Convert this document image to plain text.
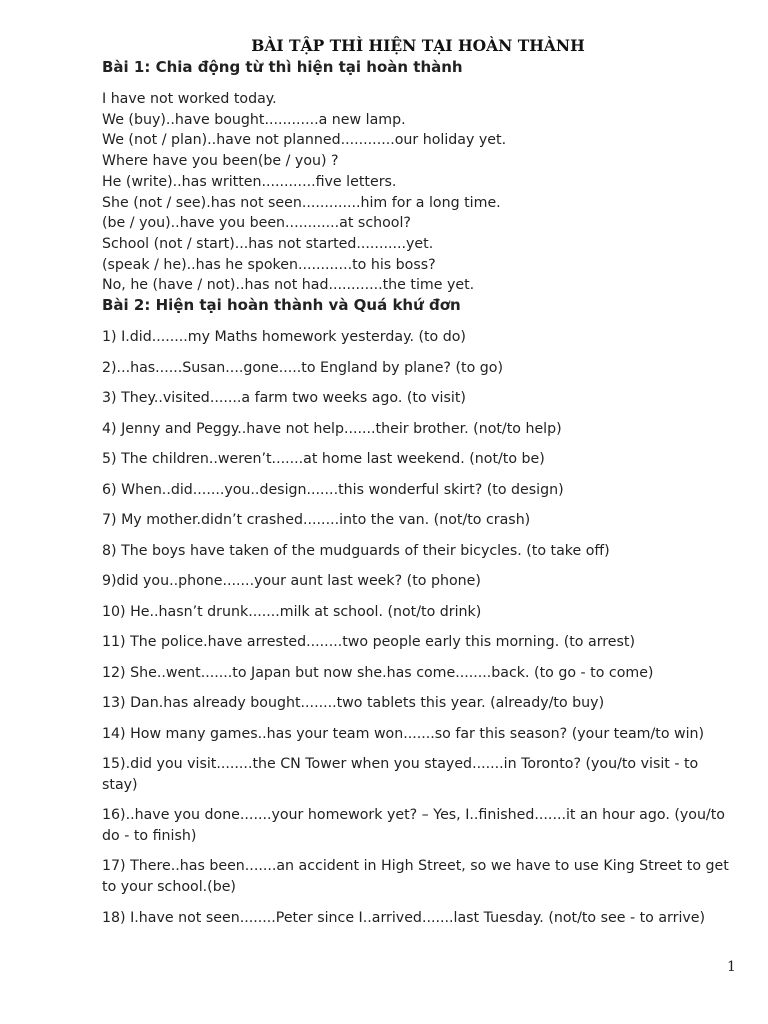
BÀI TẬP THÌ HIỆN TẠI HOÀN THÀNH
Bài 1: Chia động từ thì hiện tại hoàn thành
I have not worked today.
We (buy)..have bought............a new lamp.
We (not / plan)..have not planned............our holiday yet.
Where have you been(be / you) ?
He (write)..has written............five letters.
She (not / see).has not seen.............him for a long time.
(be / you)..have you been............at school?
School (not / start)...has not started...........yet.
(speak / he)..has he spoken............to his boss?
No, he (have / not)..has not had............the time yet.
Bài 2: Hiện tại hoàn thành và Quá khứ đơn
1) I.did........my Maths homework yesterday. (to do)
2)...has......Susan....gone.....to England by plane? (to go)
3) They..visited.......a farm two weeks ago. (to visit)
4) Jenny and Peggy..have not help.......their brother. (not/to help)
5) The children..weren’t.......at home last weekend. (not/to be)
6) When..did.......you..design.......this wonderful skirt? (to design)
7) My mother.didn’t crashed........into the van. (not/to crash)
8) The boys have taken of the mudguards of their bicycles. (to take off)
9)did you..phone.......your aunt last week? (to phone)
10) He..hasn’t drunk.......milk at school. (not/to drink)
11) The police.have arrested........two people early this morning. (to arrest)
12) She..went.......to Japan but now she.has come........back. (to go - to come)
13) Dan.has already bought........two tablets this year. (already/to buy)
14) How many games..has your team won.......so far this season? (your team/to win)
15).did you visit........the CN Tower when you stayed.......in Toronto? (you/to visit - to stay)
16)..have you done.......your homework yet? – Yes, I..finished.......it an hour ago. (you/to do - to finish)
17) There..has been.......an accident in High Street, so we have to use King Street to get to your school.(be)
18) I.have not seen........Peter since I..arrived.......last Tuesday. (not/to see - to arrive)
1
